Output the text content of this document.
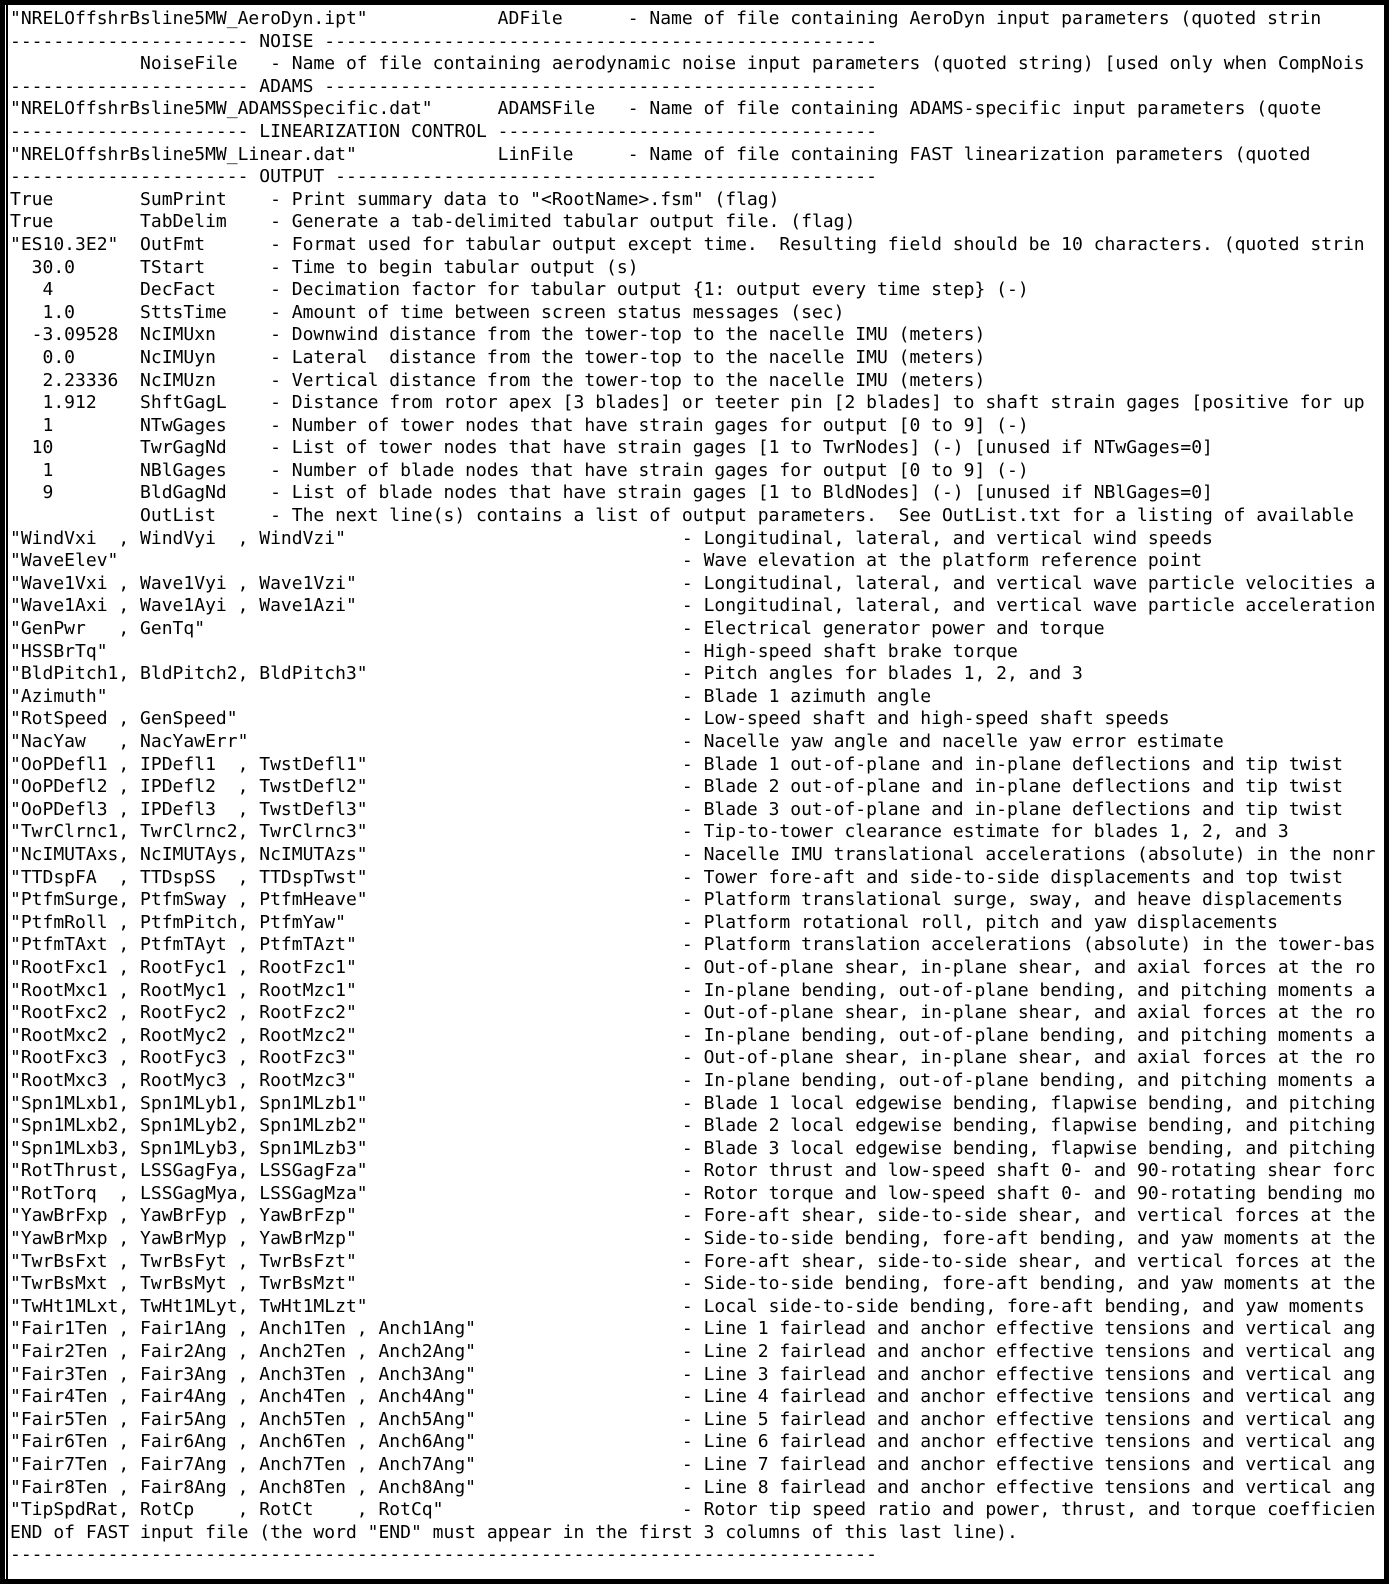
"NRELOffshrBsline5MW_AeroDyn.ipt"            ADFile      - Name of file containing AeroDyn input parameters (quoted strin
---------------------- NOISE ---------------------------------------------------
NoiseFile   - Name of file containing aerodynamic noise input parameters (quoted string) [used only when CompNois
---------------------- ADAMS ---------------------------------------------------
"NRELOffshrBsline5MW_ADAMSSpecific.dat"      ADAMSFile   - Name of file containing ADAMS-specific input parameters (quote
---------------------- LINEARIZATION CONTROL -----------------------------------
"NRELOffshrBsline5MW_Linear.dat"             LinFile     - Name of file containing FAST linearization parameters (quoted
---------------------- OUTPUT --------------------------------------------------
True        SumPrint    - Print summary data to "<RootName>.fsm" (flag)
True        TabDelim    - Generate a tab-delimited tabular output file. (flag)
"ES10.3E2"  OutFmt      - Format used for tabular output except time.  Resulting field should be 10 characters. (quoted strin
30.0      TStart      - Time to begin tabular output (s)
4        DecFact     - Decimation factor for tabular output {1: output every time step} (-)
1.0      SttsTime    - Amount of time between screen status messages (sec)
-3.09528  NcIMUxn     - Downwind distance from the tower-top to the nacelle IMU (meters)
0.0      NcIMUyn     - Lateral  distance from the tower-top to the nacelle IMU (meters)
2.23336  NcIMUzn     - Vertical distance from the tower-top to the nacelle IMU (meters)
1.912    ShftGagL    - Distance from rotor apex [3 blades] or teeter pin [2 blades] to shaft strain gages [positive for up
1        NTwGages    - Number of tower nodes that have strain gages for output [0 to 9] (-)
10        TwrGagNd    - List of tower nodes that have strain gages [1 to TwrNodes] (-) [unused if NTwGages=0]
1        NBlGages    - Number of blade nodes that have strain gages for output [0 to 9] (-)
9        BldGagNd    - List of blade nodes that have strain gages [1 to BldNodes] (-) [unused if NBlGages=0]
OutList     - The next line(s) contains a list of output parameters.  See OutList.txt for a listing of available
"WindVxi  , WindVyi  , WindVzi"                               - Longitudinal, lateral, and vertical wind speeds
"WaveElev"                                                    - Wave elevation at the platform reference point
"Wave1Vxi , Wave1Vyi , Wave1Vzi"                              - Longitudinal, lateral, and vertical wave particle velocities a
"Wave1Axi , Wave1Ayi , Wave1Azi"                              - Longitudinal, lateral, and vertical wave particle acceleration
"GenPwr   , GenTq"                                            - Electrical generator power and torque
"HSSBrTq"                                                     - High-speed shaft brake torque
"BldPitch1, BldPitch2, BldPitch3"                             - Pitch angles for blades 1, 2, and 3
"Azimuth"                                                     - Blade 1 azimuth angle
"RotSpeed , GenSpeed"                                         - Low-speed shaft and high-speed shaft speeds
"NacYaw   , NacYawErr"                                        - Nacelle yaw angle and nacelle yaw error estimate
"OoPDefl1 , IPDefl1  , TwstDefl1"                             - Blade 1 out-of-plane and in-plane deflections and tip twist
"OoPDefl2 , IPDefl2  , TwstDefl2"                             - Blade 2 out-of-plane and in-plane deflections and tip twist
"OoPDefl3 , IPDefl3  , TwstDefl3"                             - Blade 3 out-of-plane and in-plane deflections and tip twist
"TwrClrnc1, TwrClrnc2, TwrClrnc3"                             - Tip-to-tower clearance estimate for blades 1, 2, and 3
"NcIMUTAxs, NcIMUTAys, NcIMUTAzs"                             - Nacelle IMU translational accelerations (absolute) in the nonr
"TTDspFA  , TTDspSS  , TTDspTwst"                             - Tower fore-aft and side-to-side displacements and top twist
"PtfmSurge, PtfmSway , PtfmHeave"                             - Platform translational surge, sway, and heave displacements
"PtfmRoll , PtfmPitch, PtfmYaw"                               - Platform rotational roll, pitch and yaw displacements
"PtfmTAxt , PtfmTAyt , PtfmTAzt"                              - Platform translation accelerations (absolute) in the tower-bas
"RootFxc1 , RootFyc1 , RootFzc1"                              - Out-of-plane shear, in-plane shear, and axial forces at the ro
"RootMxc1 , RootMyc1 , RootMzc1"                              - In-plane bending, out-of-plane bending, and pitching moments a
"RootFxc2 , RootFyc2 , RootFzc2"                              - Out-of-plane shear, in-plane shear, and axial forces at the ro
"RootMxc2 , RootMyc2 , RootMzc2"                              - In-plane bending, out-of-plane bending, and pitching moments a
"RootFxc3 , RootFyc3 , RootFzc3"                              - Out-of-plane shear, in-plane shear, and axial forces at the ro
"RootMxc3 , RootMyc3 , RootMzc3"                              - In-plane bending, out-of-plane bending, and pitching moments a
"Spn1MLxb1, Spn1MLyb1, Spn1MLzb1"                             - Blade 1 local edgewise bending, flapwise bending, and pitching
"Spn1MLxb2, Spn1MLyb2, Spn1MLzb2"                             - Blade 2 local edgewise bending, flapwise bending, and pitching
"Spn1MLxb3, Spn1MLyb3, Spn1MLzb3"                             - Blade 3 local edgewise bending, flapwise bending, and pitching
"RotThrust, LSSGagFya, LSSGagFza"                             - Rotor thrust and low-speed shaft 0- and 90-rotating shear forc
"RotTorq  , LSSGagMya, LSSGagMza"                             - Rotor torque and low-speed shaft 0- and 90-rotating bending mo
"YawBrFxp , YawBrFyp , YawBrFzp"                              - Fore-aft shear, side-to-side shear, and vertical forces at the
"YawBrMxp , YawBrMyp , YawBrMzp"                              - Side-to-side bending, fore-aft bending, and yaw moments at the
"TwrBsFxt , TwrBsFyt , TwrBsFzt"                              - Fore-aft shear, side-to-side shear, and vertical forces at the
"TwrBsMxt , TwrBsMyt , TwrBsMzt"                              - Side-to-side bending, fore-aft bending, and yaw moments at the
"TwHt1MLxt, TwHt1MLyt, TwHt1MLzt"                             - Local side-to-side bending, fore-aft bending, and yaw moments
"Fair1Ten , Fair1Ang , Anch1Ten , Anch1Ang"                   - Line 1 fairlead and anchor effective tensions and vertical ang
"Fair2Ten , Fair2Ang , Anch2Ten , Anch2Ang"                   - Line 2 fairlead and anchor effective tensions and vertical ang
"Fair3Ten , Fair3Ang , Anch3Ten , Anch3Ang"                   - Line 3 fairlead and anchor effective tensions and vertical ang
"Fair4Ten , Fair4Ang , Anch4Ten , Anch4Ang"                   - Line 4 fairlead and anchor effective tensions and vertical ang
"Fair5Ten , Fair5Ang , Anch5Ten , Anch5Ang"                   - Line 5 fairlead and anchor effective tensions and vertical ang
"Fair6Ten , Fair6Ang , Anch6Ten , Anch6Ang"                   - Line 6 fairlead and anchor effective tensions and vertical ang
"Fair7Ten , Fair7Ang , Anch7Ten , Anch7Ang"                   - Line 7 fairlead and anchor effective tensions and vertical ang
"Fair8Ten , Fair8Ang , Anch8Ten , Anch8Ang"                   - Line 8 fairlead and anchor effective tensions and vertical ang
"TipSpdRat, RotCp    , RotCt    , RotCq"                      - Rotor tip speed ratio and power, thrust, and torque coefficien
END of FAST input file (the word "END" must appear in the first 3 columns of this last line).
--------------------------------------------------------------------------------
